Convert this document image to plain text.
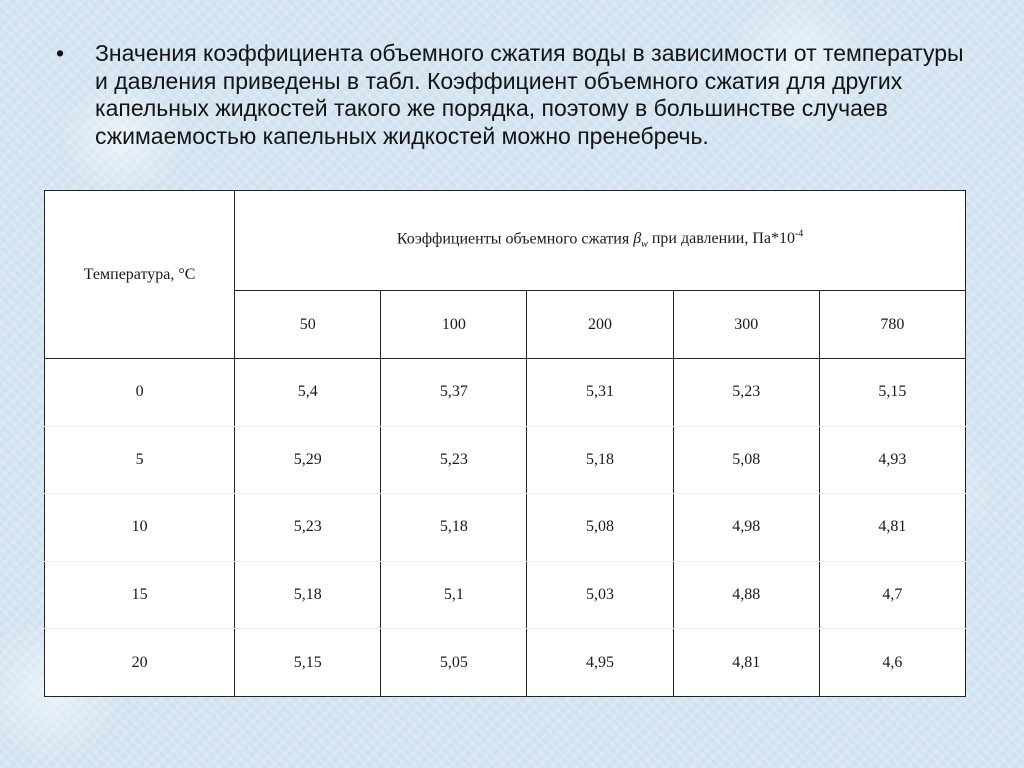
• Значения коэффициента объемного сжатия воды в зависимости от температуры и давления приведены в табл. Коэффициент объемного сжатия для других капельных жидкостей такого же порядка, поэтому в большинстве случаев сжимаемостью капельных жидкостей можно пренебречь.
Температура, °С	Коэффициенты объемного сжатия $\beta_w$ при давлении, $Па*10^{-4}$
	50	100	200	300	780
0	5,4	5,37	5,31	5,23	5,15
5	5,29	5,23	5,18	5,08	4,93
10	5,23	5,18	5,08	4,98	4,81
15	5,18	5,1	5,03	4,88	4,7
20	5,15	5,05	4,95	4,81	4,6
